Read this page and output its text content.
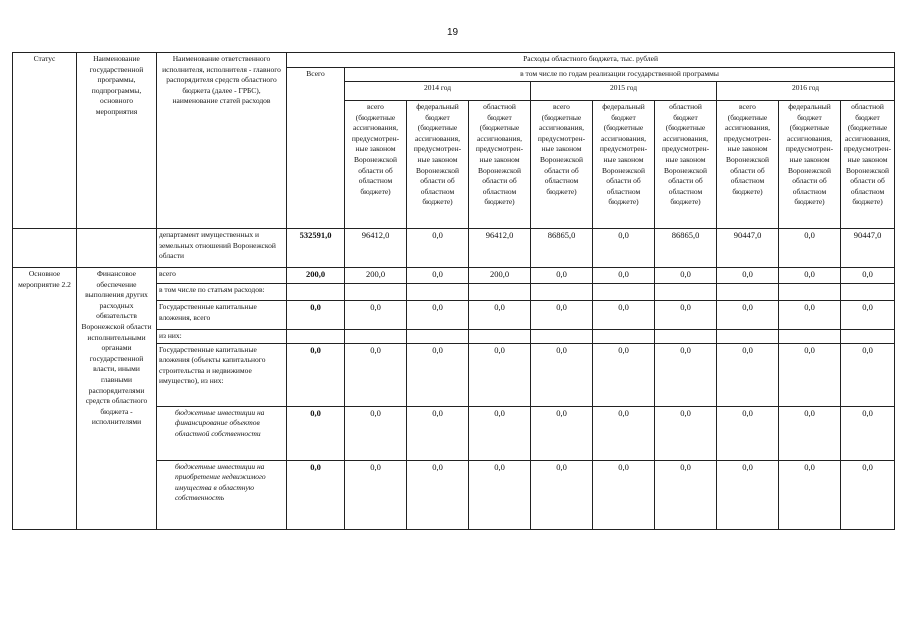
19
Статус	Наименование государственной программы, подпрограммы, основного мероприятия	Наименование ответственного исполнителя, исполнителя - главного распорядителя средств областного бюджета (далее - ГРБС), наименование статей расходов	Расходы областного бюджета, тыс. рублей									
			Всего	в том числе по годам реализации государственной программы								
				2014 год			2015 год			2016 год		
				всего (бюджетные ассигнования, предусмотрен-ные законом Воронежской области об областном бюджете)	федеральный бюджет (бюджетные ассигнования, предусмотрен-ные законом Воронежской области об областном бюджете)	областной бюджет (бюджетные ассигнования, предусмотрен-ные законом Воронежской области об областном бюджете)	всего (бюджетные ассигнования, предусмотрен-ные законом Воронежской области об областном бюджете)	федеральный бюджет (бюджетные ассигнования, предусмотрен-ные законом Воронежской области об областном бюджете)	областной бюджет (бюджетные ассигнования, предусмотрен-ные законом Воронежской области об областном бюджете)	всего (бюджетные ассигнования, предусмотрен-ные законом Воронежской области об областном бюджете)	федеральный бюджет (бюджетные ассигнования, предусмотрен-ные законом Воронежской области об областном бюджете)	областной бюджет (бюджетные ассигнования, предусмотрен-ные законом Воронежской области об областном бюджете)
		департамент имущественных и земельных отношений Воронежской области	532591,0	96412,0	0,0	96412,0	86865,0	0,0	86865,0	90447,0	0,0	90447,0
Основное мероприятие 2.2	Финансовое обеспечение выполнения других расходных обязательств Воронежской области исполнительными органами государственной власти, иными главными распорядителями средств областного бюджета - исполнителями	всего	200,0	200,0	0,0	200,0	0,0	0,0	0,0	0,0	0,0	0,0
		в том числе по статьям расходов:										
		Государственные капитальные вложения, всего	0,0	0,0	0,0	0,0	0,0	0,0	0,0	0,0	0,0	0,0
		из них:										
		Государственные капитальные вложения (объекты капитального строительства и недвижимое имущество), из них:	0,0	0,0	0,0	0,0	0,0	0,0	0,0	0,0	0,0	0,0
		бюджетные инвестиции на финансирование объектов областной собственности	0,0	0,0	0,0	0,0	0,0	0,0	0,0	0,0	0,0	0,0
		бюджетные инвестиции на приобретение недвижимого имущества в областную собственность	0,0	0,0	0,0	0,0	0,0	0,0	0,0	0,0	0,0	0,0
